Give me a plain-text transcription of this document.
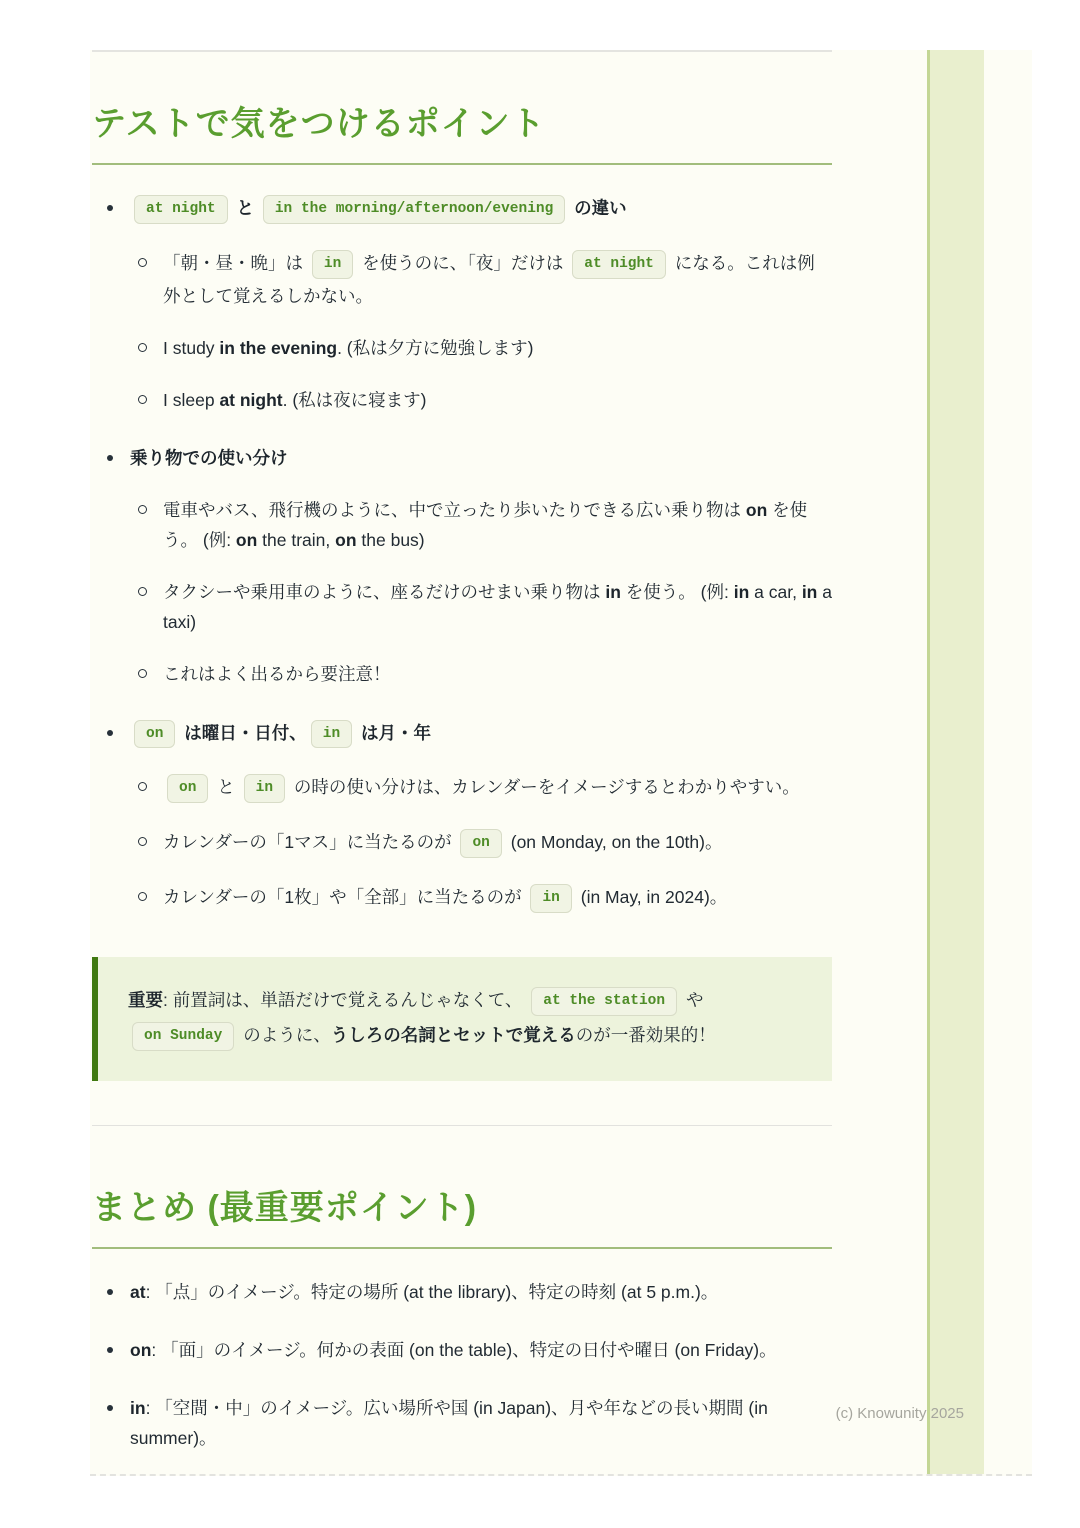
テストで気をつけるポイント
at night と in the morning/afternoon/evening の違い
「朝・昼・晩」は in を使うのに、「夜」だけは at night になる。これは例外として覚えるしかない。
I study in the evening. (私は夕方に勉強します)
I sleep at night. (私は夜に寝ます)
乗り物での使い分け
電車やバス、飛行機のように、中で立ったり歩いたりできる広い乗り物は on を使う。 (例: on the train, on the bus)
タクシーや乗用車のように、座るだけのせまい乗り物は in を使う。 (例: in a car, in a taxi)
これはよく出るから要注意！
on は曜日・日付、 in は月・年
on と in の時の使い分けは、カレンダーをイメージするとわかりやすい。
カレンダーの「1マス」に当たるのが on (on Monday, on the 10th)。
カレンダーの「1枚」や「全部」に当たるのが in (in May, in 2024)。

重要: 前置詞は、単語だけで覚えるんじゃなくて、 at the station や on Sunday のように、うしろの名詞とセットで覚えるのが一番効果的！

まとめ (最重要ポイント)
at: 「点」のイメージ。特定の場所 (at the library)、特定の時刻 (at 5 p.m.)。
on: 「面」のイメージ。何かの表面 (on the table)、特定の日付や曜日 (on Friday)。
in: 「空間・中」のイメージ。広い場所や国 (in Japan)、月や年などの長い期間 (in summer)。
(c) Knowunity 2025
